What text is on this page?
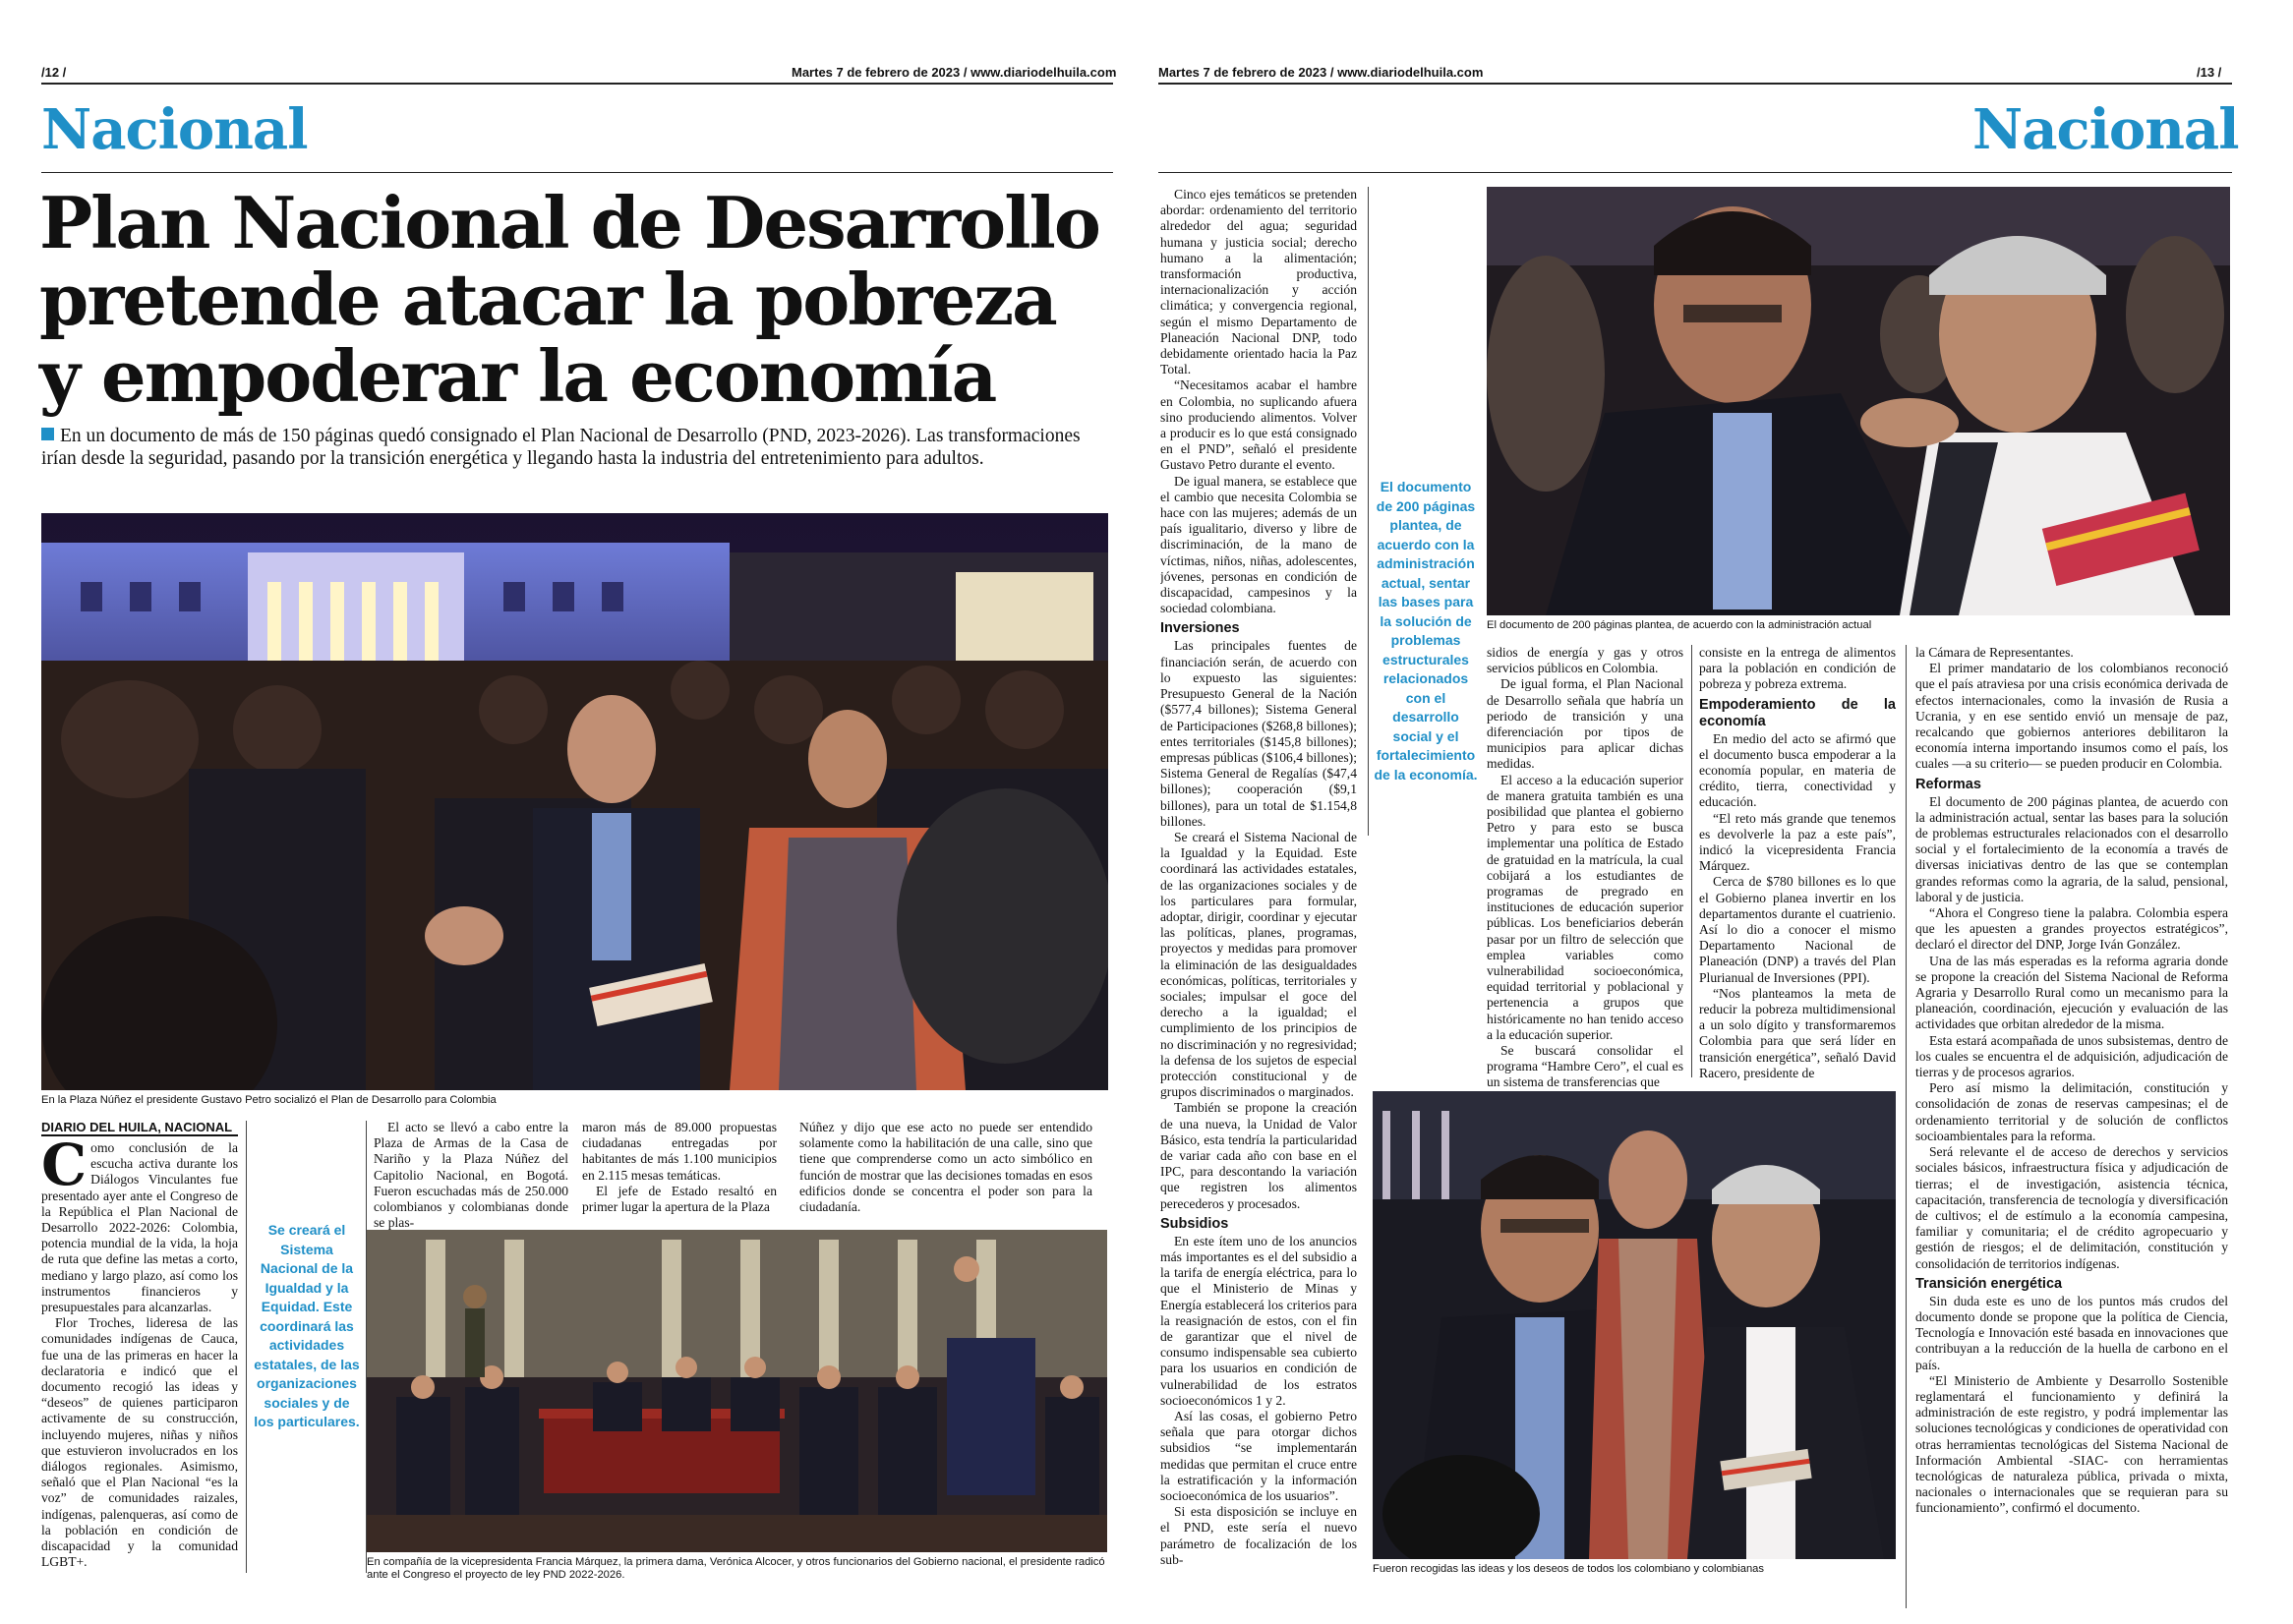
/12 /	Martes 7 de febrero de 2023 / www.diariodelhuila.com
Nacional
Plan Nacional de Desarrollo pretende atacar la pobreza y empoderar la economía
En un documento de más de 150 páginas quedó consignado el Plan Nacional de Desarrollo (PND, 2023-2026). Las transformaciones irían desde la seguridad, pasando por la transición energética y llegando hasta la industria del entretenimiento para adultos.
En la Plaza Núñez el presidente Gustavo Petro socializó el Plan de Desarrollo para Colombia
DIARIO DEL HUILA, NACIONAL

Como conclusión de la escucha activa durante los Diálogos Vinculantes fue presentado ayer ante el Congreso de la República el Plan Nacional de Desarrollo 2022-2026: Colombia, potencia mundial de la vida, la hoja de ruta que define las metas a corto, mediano y largo plazo, así como los instrumentos financieros y presupuestales para alcanzarlas.

Flor Troches, lideresa de las comunidades indígenas de Cauca, fue una de las primeras en hacer la declaratoria e indicó que el documento recogió las ideas y “deseos” de quienes participaron activamente de su construcción, incluyendo mujeres, niñas y niños que estuvieron involucrados en los diálogos regionales. Asimismo, señaló que el Plan Nacional “es la voz” de comunidades raizales, indígenas, palenqueras, así como de la población en condición de discapacidad y la comunidad LGBT+.

Se creará el Sistema Nacional de la Igualdad y la Equidad. Este coordinará las actividades estatales, de las organizaciones sociales y de los particulares.

El acto se llevó a cabo entre la Plaza de Armas de la Casa de Nariño y la Plaza Núñez del Capitolio Nacional, en Bogotá. Fueron escuchadas más de 250.000 colombianos y colombianas donde se plas-

maron más de 89.000 propuestas ciudadanas entregadas por habitantes de más 1.100 municipios en 2.115 mesas temáticas.

El jefe de Estado resaltó en primer lugar la apertura de la Plaza

Núñez y dijo que ese acto no puede ser entendido solamente como la habilitación de una calle, sino que tiene que comprenderse como un acto simbólico en función de mostrar que las decisiones tomadas en esos edificios donde se concentra el poder son para la ciudadanía.

En compañía de la vicepresidenta Francia Márquez, la primera dama, Verónica Alcocer, y otros funcionarios del Gobierno nacional, el presidente radicó ante el Congreso el proyecto de ley PND 2022-2026.
Martes 7 de febrero de 2023 / www.diariodelhuila.com	/13 /
Nacional

Cinco ejes temáticos se pretenden abordar: ordenamiento del territorio alrededor del agua; seguridad humana y justicia social; derecho humano a la alimentación; transformación productiva, internacionalización y acción climática; y convergencia regional, según el mismo Departamento de Planeación Nacional DNP, todo debidamente orientado hacia la Paz Total.

“Necesitamos acabar el hambre en Colombia, no suplicando afuera sino produciendo alimentos. Volver a producir es lo que está consignado en el PND”, señaló el presidente Gustavo Petro durante el evento.

De igual manera, se establece que el cambio que necesita Colombia se hace con las mujeres; además de un país igualitario, diverso y libre de discriminación, de la mano de víctimas, niños, niñas, adolescentes, jóvenes, personas en condición de discapacidad, campesinos y la sociedad colombiana.

Inversiones

Las principales fuentes de financiación serán, de acuerdo con lo expuesto las siguientes: Presupuesto General de la Nación ($577,4 billones); Sistema General de Participaciones ($268,8 billones); entes territoriales ($145,8 billones); empresas públicas ($106,4 billones); Sistema General de Regalías ($47,4 billones); cooperación ($9,1 billones), para un total de $1.154,8 billones.

Se creará el Sistema Nacional de la Igualdad y la Equidad. Este coordinará las actividades estatales, de las organizaciones sociales y de los particulares para formular, adoptar, dirigir, coordinar y ejecutar las políticas, planes, programas, proyectos y medidas para promover la eliminación de las desigualdades económicas, políticas, territoriales y sociales; impulsar el goce del derecho a la igualdad; el cumplimiento de los principios de no discriminación y no regresividad; la defensa de los sujetos de especial protección constitucional y de grupos discriminados o marginados.

También se propone la creación de una nueva, la Unidad de Valor Básico, esta tendría la particularidad de variar cada año con base en el IPC, para descontando la variación que registren los alimentos perecederos y procesados.

Subsidios

En este ítem uno de los anuncios más importantes es el del subsidio a la tarifa de energía eléctrica, para lo que el Ministerio de Minas y Energía establecerá los criterios para la reasignación de estos, con el fin de garantizar que el nivel de consumo indispensable sea cubierto para los usuarios en condición de vulnerabilidad de los estratos socioeconómicos 1 y 2.

Así las cosas, el gobierno Petro señala que para otorgar dichos subsidios “se implementarán medidas que permitan el cruce entre la estratificación y la información socioeconómica de los usuarios”.

Si esta disposición se incluye en el PND, este sería el nuevo parámetro de focalización de los sub-

El documento de 200 páginas plantea, de acuerdo con la administración actual, sentar las bases para la solución de problemas estructurales relacionados con el desarrollo social y el fortalecimiento de la economía.
El documento de 200 páginas plantea, de acuerdo con la administración actual

sidios de energía y gas y otros servicios públicos en Colombia.

De igual forma, el Plan Nacional de Desarrollo señala que habría un periodo de transición y una diferenciación por tipos de municipios para aplicar dichas medidas.

El acceso a la educación superior de manera gratuita también es una posibilidad que plantea el gobierno Petro y para esto se busca implementar una política de Estado de gratuidad en la matrícula, la cual cobijará a los estudiantes de programas de pregrado en instituciones de educación superior públicas. Los beneficiarios deberán pasar por un filtro de selección que emplea variables como vulnerabilidad socioeconómica, equidad territorial y poblacional y pertenencia a grupos que históricamente no han tenido acceso a la educación superior.

Se buscará consolidar el programa “Hambre Cero”, el cual es un sistema de transferencias que

consiste en la entrega de alimentos para la población en condición de pobreza y pobreza extrema.

Empoderamiento de la economía

En medio del acto se afirmó que el documento busca empoderar a la economía popular, en materia de crédito, tierra, conectividad y educación.

“El reto más grande que tenemos es devolverle la paz a este país”, indicó la vicepresidenta Francia Márquez.

Cerca de $780 billones es lo que el Gobierno planea invertir en los departamentos durante el cuatrienio. Así lo dio a conocer el mismo Departamento Nacional de Planeación (DNP) a través del Plan Plurianual de Inversiones (PPI).

“Nos planteamos la meta de reducir la pobreza multidimensional a un solo dígito y transformaremos Colombia para que será líder en transición energética”, señaló David Racero, presidente de

la Cámara de Representantes.

El primer mandatario de los colombianos reconoció que el país atraviesa por una crisis económica derivada de efectos internacionales, como la invasión de Rusia a Ucrania, y en ese sentido envió un mensaje de paz, recalcando que gobiernos anteriores debilitaron la economía interna importando insumos como el país, los cuales —a su criterio— se pueden producir en Colombia.

Reformas

El documento de 200 páginas plantea, de acuerdo con la administración actual, sentar las bases para la solución de problemas estructurales relacionados con el desarrollo social y el fortalecimiento de la economía a través de diversas iniciativas dentro de las que se contemplan grandes reformas como la agraria, de la salud, pensional, laboral y de justicia.

“Ahora el Congreso tiene la palabra. Colombia espera que les apuesten a grandes proyectos estratégicos”, declaró el director del DNP, Jorge Iván González.

Una de las más esperadas es la reforma agraria donde se propone la creación del Sistema Nacional de Reforma Agraria y Desarrollo Rural como un mecanismo para la planeación, coordinación, ejecución y evaluación de las actividades que orbitan alrededor de la misma.

Esta estará acompañada de unos subsistemas, dentro de los cuales se encuentra el de adquisición, adjudicación de tierras y de procesos agrarios.

Pero así mismo la delimitación, constitución y consolidación de zonas de reservas campesinas; el de ordenamiento territorial y de solución de conflictos socioambientales para la reforma.

Será relevante el de acceso de derechos y servicios sociales básicos, infraestructura física y adjudicación de tierras; el de investigación, asistencia técnica, capacitación, transferencia de tecnología y diversificación de cultivos; el de estímulo a la economía campesina, familiar y comunitaria; el de crédito agropecuario y gestión de riesgos; el de delimitación, constitución y consolidación de territorios indígenas.

Transición energética

Sin duda este es uno de los puntos más crudos del documento donde se propone que la política de Ciencia, Tecnología e Innovación esté basada en innovaciones que contribuyan a la reducción de la huella de carbono en el país.

“El Ministerio de Ambiente y Desarrollo Sostenible reglamentará el funcionamiento y definirá la administración de este registro, y podrá implementar las soluciones tecnológicas y condiciones de operatividad con otras herramientas tecnológicas del Sistema Nacional de Información Ambiental -SIAC- con herramientas tecnológicas de naturaleza pública, privada o mixta, nacionales o internacionales que se requieran para su funcionamiento”, confirmó el documento.

Fueron recogidas las ideas y los deseos de todos los colombiano y colombianas
